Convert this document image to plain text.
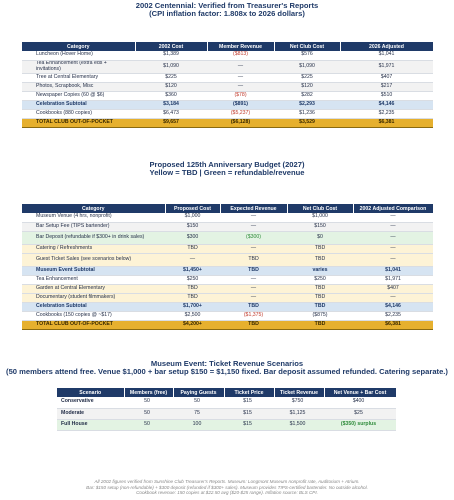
2002 Centennial: Verified from Treasurer's Reports
(CPI inflation factor: 1.808x to 2026 dollars)
Category	2002 Cost	Member Revenue	Net Club Cost	2026 Adjusted
Luncheon (Hover Home)	$1,389	($813)	$576	$1,041
Tea Enhancement (extra eds + invitations)	$1,090	—	$1,090	$1,971
Tree at Central Elementary	$225	—	$225	$407
Photos, Scrapbook, Misc	$120	—	$120	$217
Newspaper Copies (60 @ $6)	$360	($78)	$282	$510
Celebration Subtotal	$3,184	($891)	$2,293	$4,146
Cookbooks (880 copies)	$6,473	($5,237)	$1,236	$2,235
TOTAL CLUB OUT-OF-POCKET	$9,657	($6,128)	$3,529	$6,381
Proposed 125th Anniversary Budget (2027)
Yellow = TBD | Green = refundable/revenue
Category	Proposed Cost	Expected Revenue	Net Club Cost	2002 Adjusted Comparison
Museum Venue (4 hrs, nonprofit)	$1,000	—	$1,000	—
Bar Setup Fee (TIPS bartender)	$150	—	$150	—
Bar Deposit (refundable if $300+ in drink sales)	$300	($300)	$0	—
Catering / Refreshments	TBD	—	TBD	—
Guest Ticket Sales (see scenarios below)	—	TBD	TBD	—
Museum Event Subtotal	$1,450+	TBD	varies	$1,041
Tea Enhancement	$250	—	$250	$1,971
Garden at Central Elementary	TBD	—	TBD	$407
Documentary (student filmmakers)	TBD	—	TBD	—
Celebration Subtotal	$1,700+	TBD	TBD	$4,146
Cookbooks (150 copies @ ~$17)	$2,500	($1,375)	($875)	$2,235
TOTAL CLUB OUT-OF-POCKET	$4,200+	TBD	TBD	$6,381
Museum Event: Ticket Revenue Scenarios
(50 members attend free. Venue $1,000 + bar setup $150 = $1,150 fixed. Bar deposit assumed refunded. Catering separate.)
Scenario	Members (free)	Paying Guests	Ticket Price	Ticket Revenue	Net Venue + Bar Cost
Conservative	50	50	$15	$750	$400
Moderate	50	75	$15	$1,125	$25
Full House	50	100	$15	$1,500	($350) surplus
All 2002 figures verified from Sunshine Club Treasurer's Reports. Museum: Longmont Museum nonprofit rate, Auditorium + Atrium.
Bar: $150 setup (non-refundable) + $300 deposit (refunded if $300+ sales). Museum provides TIPS-certified bartender. No outside alcohol.
Cookbook revenue: 150 copies at $22.50 avg ($20-$25 range). Inflation source: BLS CPI.
